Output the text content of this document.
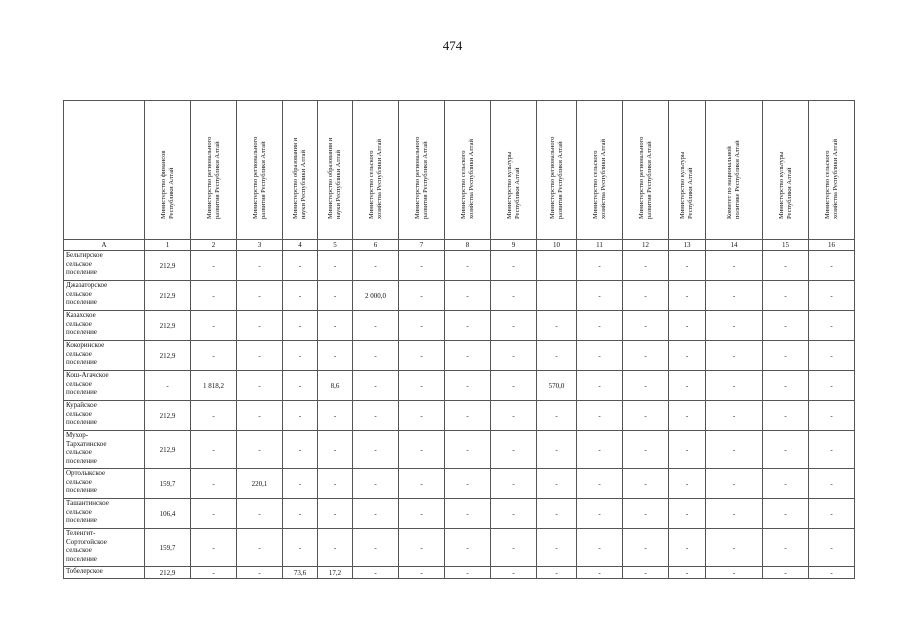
474

	Министерство финансов
Республики Алтай	Министерство регионального
развития Республики Алтай	Министерство регионального
развития Республики Алтай	Министерство образования и
науки Республики Алтай	Министерство образования и
науки Республики Алтай	Министерство сельского
хозяйства Республики Алтай	Министерство регионального
развития Республики Алтай	Министерство сельского
хозяйства Республики Алтай	Министерство культуры
Республики Алтай	Министерство регионального
развития Республики Алтай	Министерство сельского
хозяйства Республики Алтай	Министерство регионального
развития Республики Алтай	Министерство культуры
Республики Алтай	Комитет по национальной
политике Республики Алтай	Министерство культуры
Республики Алтай	Министерство сельского
хозяйства Республики Алтай

А	1	2	3	4	5	6	7	8	9	10	11	12	13	14	15	16
Бельтирское
сельское
поселение	212,9	-	-	-	-	-	-	-	-		-	-	-	-	-	-
Джазаторское
сельское
поселение	212,9	-	-	-	-	2 000,0	-	-	-		-	-	-	-	-	-
Казахское
сельское
поселение	212,9	-	-	-	-	-	-	-	-	-	-	-	-	-	-	-
Кокоринское
сельское
поселение	212,9	-	-	-	-	-	-	-	-	-	-	-	-	-	-	-
Кош-Агачское
сельское
поселение	-	1 818,2	-	-	8,6	-	-	-	-	570,0	-	-	-	-	-	-
Курайское
сельское
поселение	212,9	-	-	-	-	-	-	-	-	-	-	-	-	-	-	-
Мухор-
Тархатинское
сельское
поселение	212,9	-	-	-	-	-	-	-	-	-	-	-	-	-	-	-
Ортолыкское
сельское
поселение	159,7	-	220,1	-	-	-	-	-	-	-	-	-	-	-	-	-
Ташантинское
сельское
поселение	106,4	-	-	-	-	-	-	-	-	-	-	-	-	-	-	-
Теленгит-
Сортогойское
сельское
поселение	159,7	-	-	-	-	-	-	-	-	-	-	-	-	-	-	-
Тобелерское	212,9	-	-	73,6	17,2	-	-	-	-	-	-	-	-	-	-	-
